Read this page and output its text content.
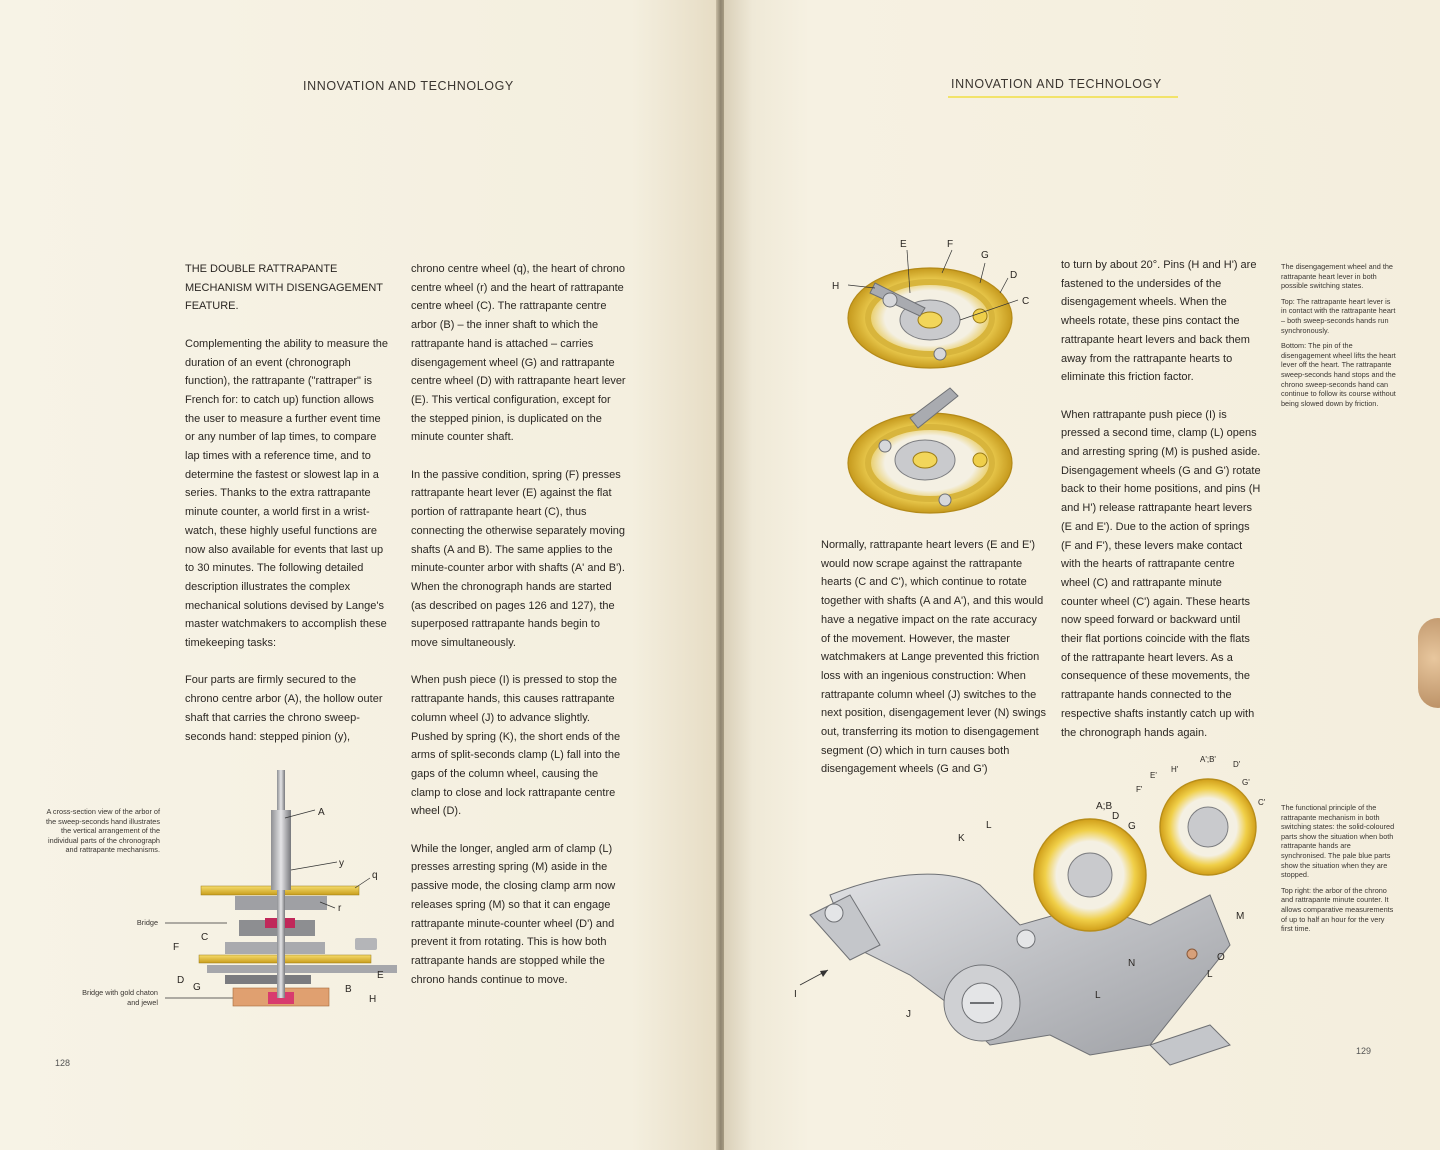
INNOVATION AND TECHNOLOGY

THE DOUBLE RATTRAPANTE
MECHANISM WITH DISENGAGEMENT
FEATURE.

Complementing the ability to measure the duration of an event (chronograph function), the rattrapante ("rattraper" is French for: to catch up) function allows the user to measure a further event time or any number of lap times, to compare lap times with a reference time, and to determine the fastest or slowest lap in a series. Thanks to the extra rattrapante minute counter, a world first in a wrist-watch, these highly useful functions are now also available for events that last up to 30 minutes. The following detailed description illustrates the complex mechanical solutions devised by Lange's master watchmakers to accomplish these timekeeping tasks:

Four parts are firmly secured to the chrono centre arbor (A), the hollow outer shaft that carries the chrono sweep-seconds hand: stepped pinion (y),

chrono centre wheel (q), the heart of chrono centre wheel (r) and the heart of rattrapante centre wheel (C). The rattrapante centre arbor (B) – the inner shaft to which the rattrapante hand is attached – carries disengagement wheel (G) and rattrapante centre wheel (D) with rattrapante heart lever (E). This vertical configuration, except for the stepped pinion, is duplicated on the minute counter shaft.

In the passive condition, spring (F) presses rattrapante heart lever (E) against the flat portion of rattrapante heart (C), thus connecting the otherwise separately moving shafts (A and B). The same applies to the minute-counter arbor with shafts (A' and B'). When the chronograph hands are started (as described on pages 126 and 127), the superposed rattrapante hands begin to move simultaneously.

When push piece (I) is pressed to stop the rattrapante hands, this causes rattrapante column wheel (J) to advance slightly. Pushed by spring (K), the short ends of the arms of split-seconds clamp (L) fall into the gaps of the column wheel, causing the clamp to close and lock rattrapante centre wheel (D).

While the longer, angled arm of clamp (L) presses arresting spring (M) aside in the passive mode, the closing clamp arm now releases spring (M) so that it can engage rattrapante minute-counter wheel (D') and prevent it from rotating. This is how both rattrapante hands are stopped while the chrono hands continue to move.

A cross-section view of the arbor of the sweep-seconds hand illustrates the vertical arrangement of the individual parts of the chronograph and rattrapante mechanisms.
Bridge
Bridge with gold chaton and jewel
A
y
q
r
C
F
D
G
E
B
H
128
INNOVATION AND TECHNOLOGY
E	F
G
D
H
C

Normally, rattrapante heart levers (E and E') would now scrape against the rattrapante hearts (C and C'), which continue to rotate together with shafts (A and A'), and this would have a negative impact on the rate accuracy of the movement. However, the master watchmakers at Lange prevented this friction loss with an ingenious construction: When rattrapante column wheel (J) switches to the next position, disengagement lever (N) swings out, transferring its motion to disengagement segment (O) which in turn causes both disengagement wheels (G and G')

to turn by about 20°. Pins (H and H') are fastened to the undersides of the disengagement wheels. When the wheels rotate, these pins contact the rattrapante heart levers and back them away from the rattrapante hearts to eliminate this friction factor.

When rattrapante push piece (I) is pressed a second time, clamp (L) opens and arresting spring (M) is pushed aside. Disengagement wheels (G and G') rotate back to their home positions, and pins (H and H') release rattrapante heart levers (E and E'). Due to the action of springs (F and F'), these levers make contact with the hearts of rattrapante centre wheel (C) and rattrapante minute counter wheel (C') again. These hearts now speed forward or backward until their flat portions coincide with the flats of the rattrapante heart levers. As a consequence of these movements, the rattrapante hands connected to the respective shafts instantly catch up with the chronograph hands again.

The disengagement wheel and the rattrapante heart lever in both possible switching states.

Top: The rattrapante heart lever is in contact with the rattrapante heart – both sweep-seconds hands run synchronously.

Bottom: The pin of the disengagement wheel lifts the heart lever off the heart. The rattrapante sweep-seconds hand stops and the chrono sweep-seconds hand can continue to follow its course without being slowed down by friction.

The functional principle of the rattrapante mechanism in both switching states: the solid-coloured parts show the situation when both rattrapante hands are synchronised. The pale blue parts show the situation when they are stopped.

Top right: the arbor of the chrono and rattrapante minute counter. It allows comparative measurements of up to half an hour for the very first time.

A;B
D
G
K
L
A';B'
H'
D'
E'
G'
F'
C'
M
O
L
N
L
I
J
129
